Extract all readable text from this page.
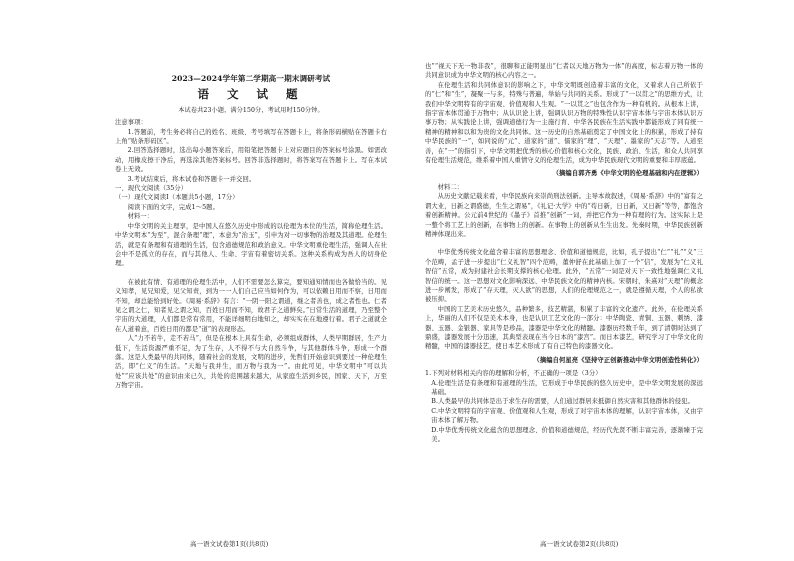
2023—2024学年第二学期高一期末调研考试
语 文 试 题
本试卷共23小题，满分150分，考试用时150分钟。

注意事项：

1.答题前，考生务必将自己的姓名、班级、考号填写在答题卡上，将条形码横贴在答题卡右上角“贴条形码区”。

2.回答选择题时，选出每小题答案后，用铅笔把答题卡上对应题目的答案标号涂黑。如需改动，用橡皮擦干净后，再选涂其他答案标号。回答非选择题时，将答案写在答题卡上。写在本试卷上无效。

3.考试结束后，将本试卷和答题卡一并交回。

一、现代文阅读（35分）

（一）现代文阅读Ⅰ（本题共5小题，17分）

阅读下面的文字，完成1～5题。

材料一：

中华文明的关主理享，是中国人在悠久历史中形成的以伦理为本位的生活，简称伦理生活。中华文明本“为至”，混合条理“理”，本意为“治玉”，引申为对一切事物的治理及其道理。伦理生活，就是有条理和有道理的生活，包含道德规范和政治意义。中华文明重伦理生活，强调人在社会中不是孤立的存在，而与其他人、生命、宇宙有着密切关系。这种关系构成为吾人的切身伦理。

在被此有情、有道理的伦理生活中，人们不需要怎么算完，要知通知情而也各做恰当的。见义知孝，见兄知爱，见父知责，到为一一人们自己应当如何作为，可以依赖日用而不察，日用而不知，却总能恰到好处。《周易·系辞》有言：“一阴一阳之谓道，继之者善也，成之者性也。仁者见之谓之仁，知者见之谓之知，百姓日用而不知，故君子之道鲜矣。”日常生活的道理，乃至整个宇宙的大道理，人们都是常有常用，不能详细明白地知之，却实实在在地遵行着。君子之道就全在人道着意，百姓日用的都是“道”的表现形态。

人“力不若牛，走不若马”，但是在根本上具有生命，必须组成群体，人类早期群居，生产力低下，生活资源严重不足，为了生存，人不得不与大自然斗争，与其他群体斗争，形成一个群落。这是人类最早的共同体，随着社会的发展，文明的进步，先哲们开始意识到要过一种伦理生活，即“仁义”的生活。“天地与我并生，而万物与我为一”。由此可见，中华文明中“可以共处”“应该共处”的意识由来已久，共处的范围越来越大，从家庭生活到乡民，国家、天下，万至万物宇宙。

也”“视天下无一物非我”，很聊和正能明显出“仁者以天地万物为一体”的高度，标志着万物一体的共同意识成为中华文明的核心内容之一。

在伦理生活和共同体意识的影响之下，中华文明既创造着丰富的文化，又着求人自己所依于的“仁”和“生”，凝聚一与多，特殊与普遍，举始与共同的关系。形成了“一以贯之”的思维方式，让我们中华文明特有的宇宙观、价值观和人生观。“一以贯之”也包含作为一种有机的。从根本上讲，指宇宙本体贯通于万物中；从认识论上讲，强调认识万物的特殊性认识宇宙本体与宇宙本体认识万事万物；从实践论上讲，强调道德行为一主施行育、中华各民族在生活实践中都能形成了同有统一精神的精神和以和为贵的文化共同体。这一历史的自然基础奠定了中国文化上的积累，形成了持有中华民族的“一”，如同说的“元”、道家的“道”、儒家的“理”、“天理”、墨家的“天志”等。人道至善，在“一”的指引下，中华文明把优秀的核心价值和核心文化，民族、政治、生活，和众人共同享有伦理生活规范，维系着中国人重情守义的伦理生活，成为中华民族现代文明的重要和丰厚底蕴。

（摘编自郭齐勇《中华文明的伦理基础和内在逻辑》）

材料二：

从历史文献记载来看，中华民族向来崇尚刑法创新。主导本故叙述，《周易·系辞》中的“富有之谓大业，日新之谓盛德，生生之谓易”，《礼记·大学》中的“苟日新，日日新，又日新”等等，都饱含着创新精神。公元前4世纪的《墨子》首推“创新”一词，并把它作为一种有理的行为。这实际上是一整个将工艺上的创新，在事物上的创新。在事物上的创新从生生出发。先秦时期，中华民族创新精神体现出来。

中华优秀传统文化蕴含着丰富的思想理念、价值和道德规范，比如，孔子提出“仁”“礼”“义”三个范畴，孟子进一步提出“仁义礼智”四个范畴，董仲舒在此基础上加了一个“信”，发展为“仁义礼智信”五常，成为封建社会长期支撑的核心伦理。此外，“五常”一词是对天下一致性地强调仁义礼智信的统一。这一思想对文化影响深远、中华民族文化的精神内核。宋朝时，朱熹对“天理”的概念进一步阐发，形成了“存天理，灭人欲”的思想，人们的伦理规范之一，就是遵循天理，个人的私欲被压抑。

中国的工艺美术历史悠久，品种繁多，技艺精湛，积累了丰富的文化遗产。此外，在伦理关系上，华丽的人们不仅是美术本身，也是认识工艺文化的一部分：中华陶瓷、青铜、玉器、刺绣、漆器、玉器、金银器、家具等是珍品，漆器是中华文化的精髓。漆器历经数千年，到了清朝时达到了鼎盛，漆器发展十分迅速，其典型表现在当今日本的“漆宫”。而日本漆艺，研究学习了中华文化的精髓，中国的漆器技艺，使日本艺术形成了有自己特色的漆器文化。

（摘编自何星亮《坚持守正创新推动中华文明创造性转化》）

1.下列对材料相关内容的理解和分析，不正确的一项是（3分）

A.伦理生活是有条理和有道理的生活，它形成于中华民族的悠久历史中，是中华文明发展的深远基础。

B.人类最早的共同体是出于求生存的需要，人们通过群居来抵御自然灾害和其他群体的侵犯。

C.中华文明特有的宇宙观、价值观和人生观，形成了对宇宙本体的理解，认识宇宙本体，又由宇宙本体了解万物。

D.中华优秀传统文化蕴含的思想理念、价值和道德规范，经历代先贤不断丰富完善，逐渐臻于完美。

高一语文试卷第1页(共8页)	高一语文试卷第2页(共8页)
